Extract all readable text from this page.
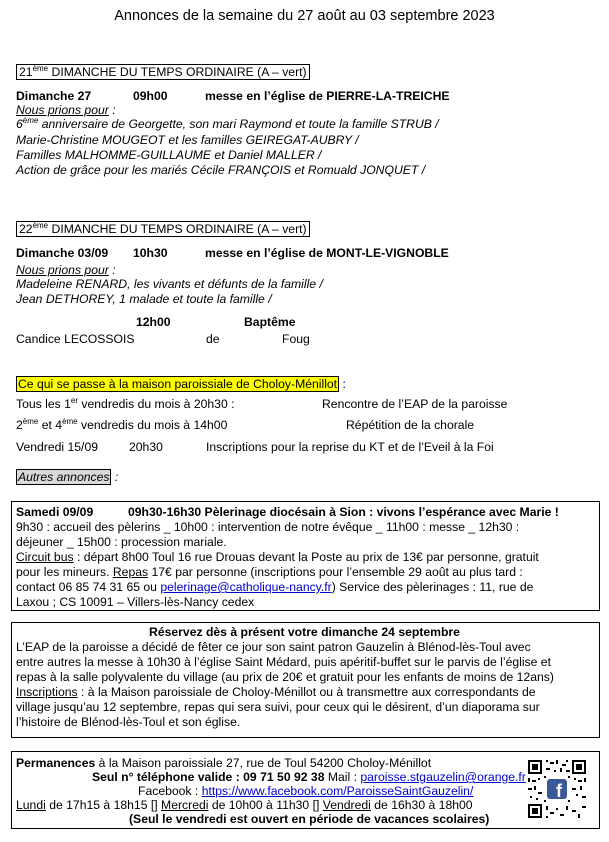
Annonces de la semaine du 27 août au 03 septembre 2023
21ème DIMANCHE DU TEMPS ORDINAIRE (A – vert)
Dimanche 27	09h00	messe en l’église de PIERRE-LA-TREICHE
Nous prions pour :
6ème anniversaire de Georgette, son mari Raymond et toute la famille STRUB /
Marie-Christine MOUGEOT et les familles GEIREGAT-AUBRY /
Familles MALHOMME-GUILLAUME et Daniel MALLER /
Action de grâce pour les mariés Cécile FRANÇOIS et Romuald JONQUET /
22ème DIMANCHE DU TEMPS ORDINAIRE (A – vert)
Dimanche 03/09 10h30	messe en l’église de MONT-LE-VIGNOBLE
Nous prions pour :
Madeleine RENARD, les vivants et défunts de la famille /
Jean DETHOREY, 1 malade et toute la famille /
12h00	Baptême
Candice LECOSSOIS	de	Foug
Ce qui se passe à la maison paroissiale de Choloy-Ménillot :
Tous les 1er vendredis du mois à 20h30 :	Rencontre de l’EAP de la paroisse
2ème et 4ème vendredis du mois à 14h00	Répétition de la chorale
Vendredi 15/09	20h30	Inscriptions pour la reprise du KT et de l’Eveil à la Foi
Autres annonces :
Samedi 09/09	09h30-16h30 Pèlerinage diocésain à Sion : vivons l’espérance avec Marie !
9h30 : accueil des pèlerins _ 10h00 : intervention de notre évêque _ 11h00 : messe _ 12h30 :
déjeuner _ 15h00 : procession mariale.
Circuit bus : départ 8h00 Toul 16 rue Drouas devant la Poste au prix de 13€ par personne, gratuit
pour les mineurs. Repas 17€ par personne (inscriptions pour l’ensemble 29 août au plus tard :
contact 06 85 74 31 65 ou pelerinage@catholique-nancy.fr) Service des pèlerinages : 11, rue de
Laxou ; CS 10091 – Villers-lès-Nancy cedex
Réservez dès à présent votre dimanche 24 septembre
L’EAP de la paroisse a décidé de fêter ce jour son saint patron Gauzelin à Blénod-lès-Toul avec
entre autres la messe à 10h30 à l’église Saint Médard, puis apéritif-buffet sur le parvis de l’église et
repas à la salle polyvalente du village (au prix de 20€ et gratuit pour les enfants de moins de 12ans)
Inscriptions : à la Maison paroissiale de Choloy-Ménillot ou à transmettre aux correspondants de
village jusqu’au 12 septembre, repas qui sera suivi, pour ceux qui le désirent, d’un diaporama sur
l’histoire de Blénod-lès-Toul et son église.
Permanences à la Maison paroissiale 27, rue de Toul 54200 Choloy-Ménillot
Seul n° téléphone valide : 09 71 50 92 38 Mail : paroisse.stgauzelin@orange.fr
Facebook : https://www.facebook.com/ParoisseSaintGauzelin/
Lundi de 17h15 à 18h15 [] Mercredi de 10h00 à 11h30 [] Vendredi de 16h30 à 18h00
(Seul le vendredi est ouvert en période de vacances scolaires)
f
